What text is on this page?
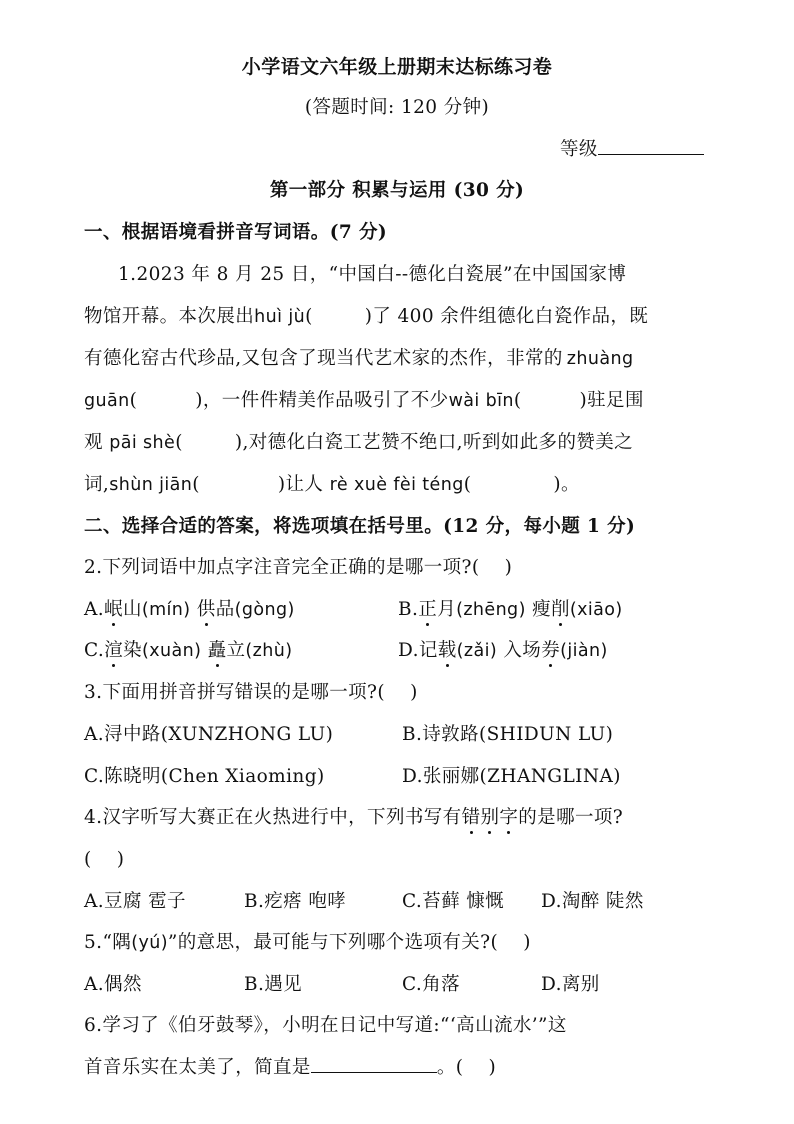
小学语文六年级上册期末达标练习卷
(答题时间: 120 分钟)
等级
第一部分 积累与运用 (30 分)
一、根据语境看拼音写词语。(7 分)
1.2023 年 8 月 25 日，“中国白--德化白瓷展”在中国国家博
物馆开幕。本次展出huì jù(	)了 400 余件组德化白瓷作品，既
有德化窑古代珍品,又包含了现当代艺术家的杰作，非常的 zhuàng
guān(	)，一件件精美作品吸引了不少wài bīn(	)驻足围
观 pāi shè(	),对德化白瓷工艺赞不绝口,听到如此多的赞美之
词,shùn jiān(	)让人 rè xuè fèi téng(	)。
二、选择合适的答案，将选项填在括号里。(12 分，每小题 1 分)
2.下列词语中加点字注音完全正确的是哪一项?(　 )
A.岷山(mín) 供品(gòng)	B.正月(zhēng) 瘦削(xiāo)
C.渲染(xuàn) 矗立(zhù)	D.记载(zǎi) 入场券(jiàn)
3.下面用拼音拼写错误的是哪一项?(　 )
A.浔中路(XUNZHONG LU)	B.诗敦路(SHIDUN LU)
C.陈晓明(Chen Xiaoming)	D.张丽娜(ZHANGLINA)
4.汉字听写大赛正在火热进行中，下列书写有错别字的是哪一项?
(　 )
A.豆腐 雹子	B.疙瘩 咆哮	C.苔藓 慷慨 D.淘醉 陡然
5.“隅(yú)”的意思，最可能与下列哪个选项有关?(　 )
A.偶然	B.遇见	C.角落	D.离别
6.学习了《伯牙鼓琴》，小明在日记中写道:“‘高山流水’”这
首音乐实在太美了，简直是	。(　 )
